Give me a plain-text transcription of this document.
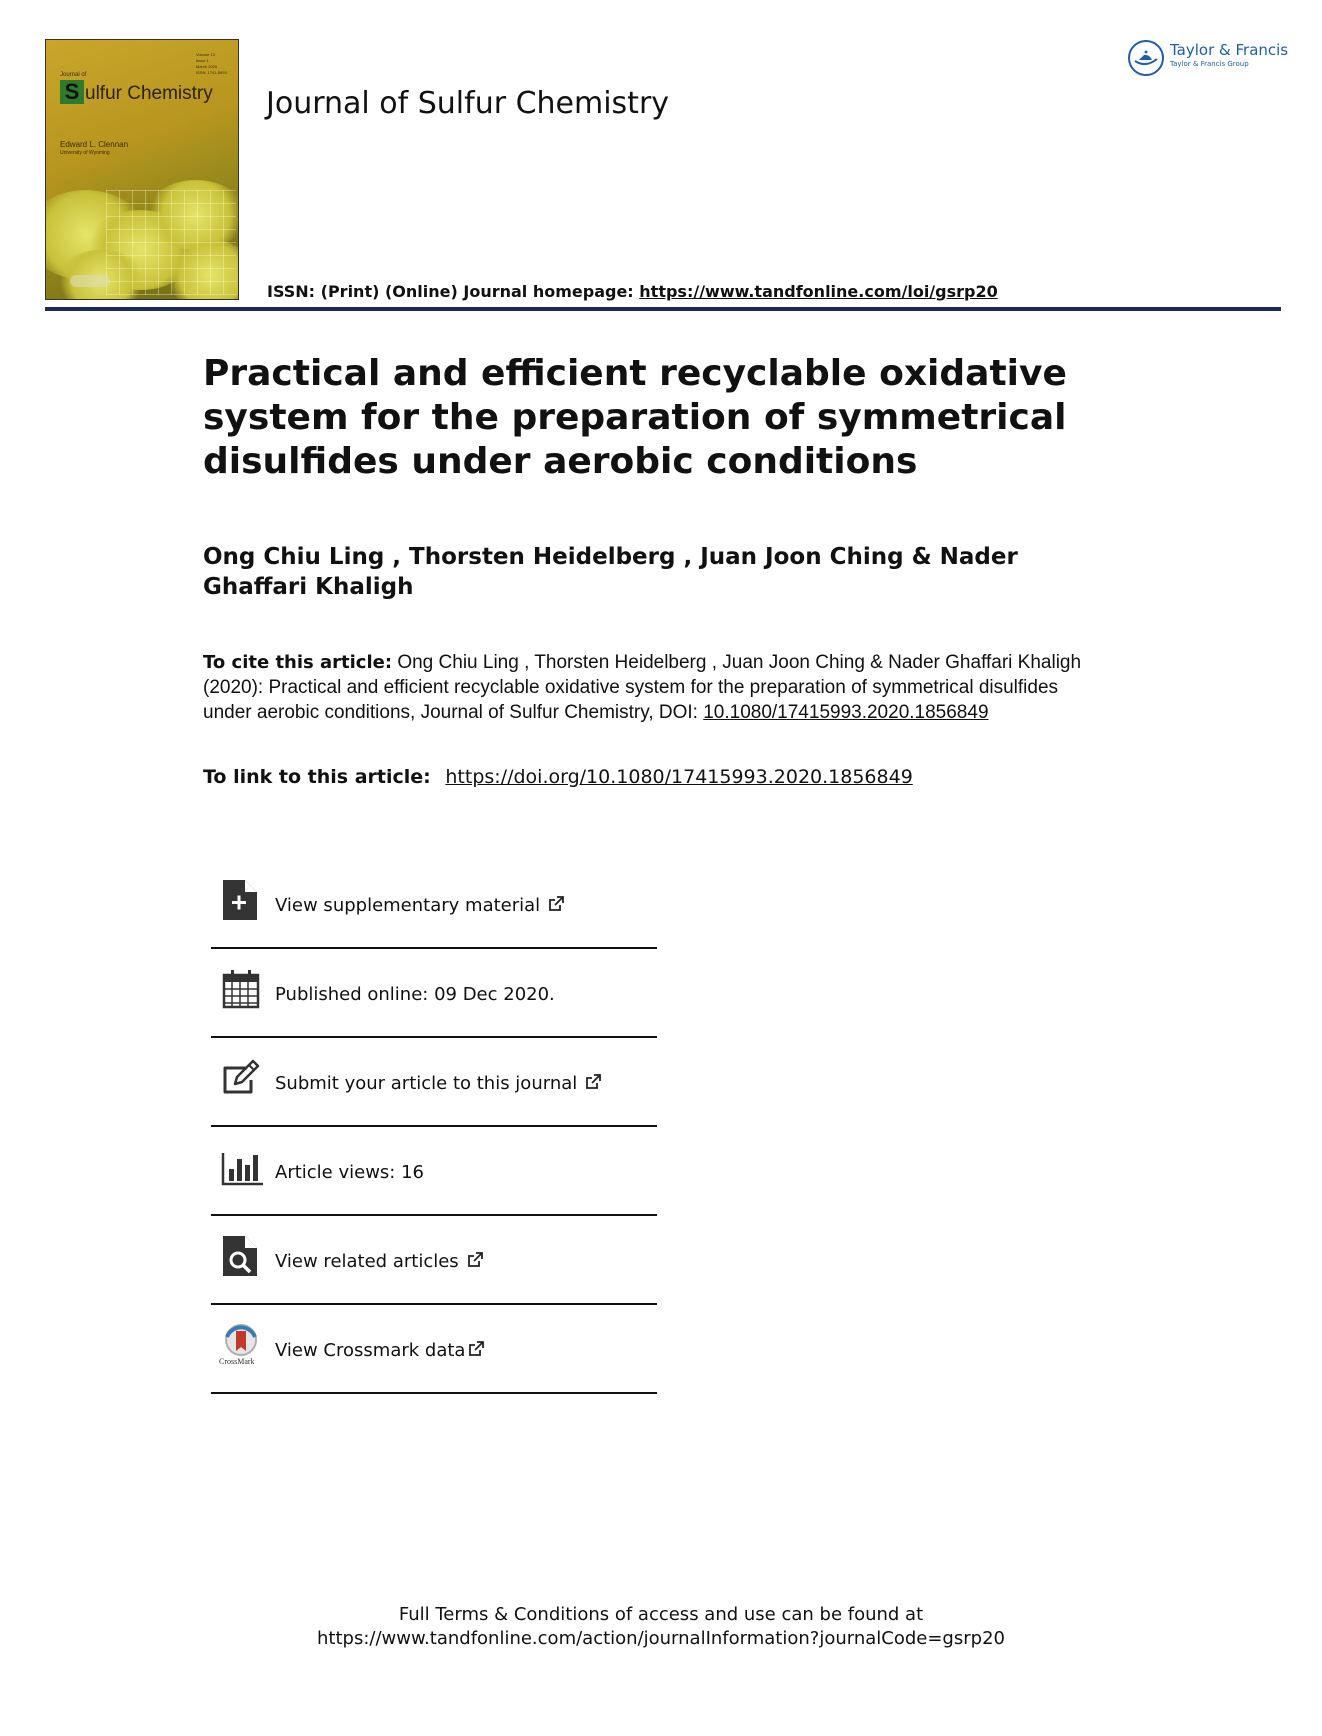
Journal of
S ulfur Chemistry
Edward L. Clennan
University of Wyoming
Volume 13
Issue 1
March 2020
ISSN: 1741-5993
Journal of Sulfur Chemistry
ISSN: (Print) (Online) Journal homepage: https://www.tandfonline.com/loi/gsrp20
Taylor & Francis
Taylor & Francis Group
Practical and efficient recyclable oxidative system for the preparation of symmetrical disulfides under aerobic conditions
Ong Chiu Ling , Thorsten Heidelberg , Juan Joon Ching & Nader Ghaffari Khaligh
To cite this article: Ong Chiu Ling , Thorsten Heidelberg , Juan Joon Ching & Nader Ghaffari Khaligh (2020): Practical and efficient recyclable oxidative system for the preparation of symmetrical disulfides under aerobic conditions, Journal of Sulfur Chemistry, DOI: 10.1080/17415993.2020.1856849
To link to this article: https://doi.org/10.1080/17415993.2020.1856849
View supplementary material
Published online: 09 Dec 2020.
Submit your article to this journal
Article views: 16
View related articles
CrossMark
View Crossmark data
Full Terms & Conditions of access and use can be found at
https://www.tandfonline.com/action/journalInformation?journalCode=gsrp20
